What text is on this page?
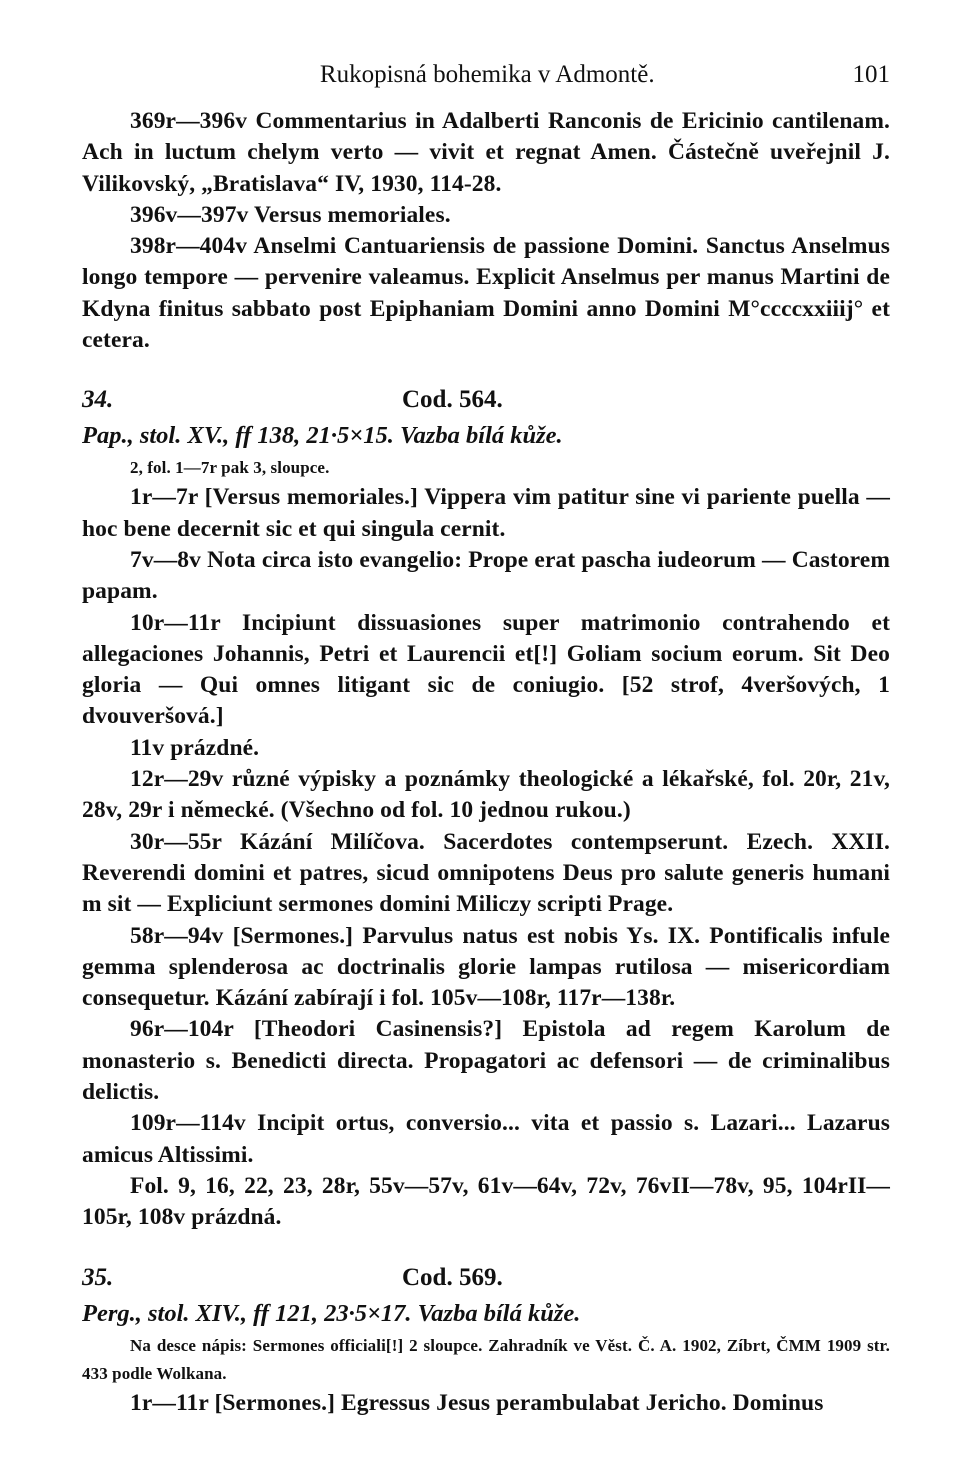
Rukopisná bohemika v Admontě.	101

369r—396v Commentarius in Adalberti Ranconis de Ericinio cantilenam. Ach in luctum chelym verto — vivit et regnat Amen. Částečně uveřejnil J. Vilikovský, „Bratislava“ IV, 1930, 114-28.

396v—397v Versus memoriales.

398r—404v Anselmi Cantuariensis de passione Domini. Sanctus Anselmus longo tempore — pervenire valeamus. Explicit Anselmus per manus Martini de Kdyna finitus sabbato post Epiphaniam Domini anno Domini M°ccccxxiiij° et cetera.

34.	Cod. 564.

Pap., stol. XV., ff 138, 21·5×15. Vazba bílá kůže.

2, fol. 1—7r pak 3, sloupce.

1r—7r [Versus memoriales.] Vippera vim patitur sine vi pariente puella — hoc bene decernit sic et qui singula cernit.

7v—8v Nota circa isto evangelio: Prope erat pascha iudeorum — Castorem papam.

10r—11r Incipiunt dissuasiones super matrimonio contrahendo et allegaciones Johannis, Petri et Laurencii et[!] Goliam socium eorum. Sit Deo gloria — Qui omnes litigant sic de coniugio. [52 strof, 4veršových, 1 dvouveršová.]

11v prázdné.

12r—29v různé výpisky a poznámky theologické a lékařské, fol. 20r, 21v, 28v, 29r i německé. (Všechno od fol. 10 jednou rukou.)

30r—55r Kázání Milíčova. Sacerdotes contempserunt. Ezech. XXII. Reverendi domini et patres, sicud omnipotens Deus pro salute generis humani m sit — Expliciunt sermones domini Miliczy scripti Prage.

58r—94v [Sermones.] Parvulus natus est nobis Ys. IX. Pontificalis infule gemma splenderosa ac doctrinalis glorie lampas rutilosa — misericordiam consequetur. Kázání zabírají i fol. 105v—108r, 117r—138r.

96r—104r [Theodori Casinensis?] Epistola ad regem Karolum de monasterio s. Benedicti directa. Propagatori ac defensori — de criminalibus delictis.

109r—114v Incipit ortus, conversio... vita et passio s. Lazari... Lazarus amicus Altissimi.

Fol. 9, 16, 22, 23, 28r, 55v—57v, 61v—64v, 72v, 76vII—78v, 95, 104rII—105r, 108v prázdná.

35.	Cod. 569.

Perg., stol. XIV., ff 121, 23·5×17. Vazba bílá kůže.

Na desce nápis: Sermones officiali[!] 2 sloupce. Zahradník ve Věst. Č. A. 1902, Zíbrt, ČMM 1909 str. 433 podle Wolkana.

1r—11r [Sermones.] Egressus Jesus perambulabat Jericho. Dominus
